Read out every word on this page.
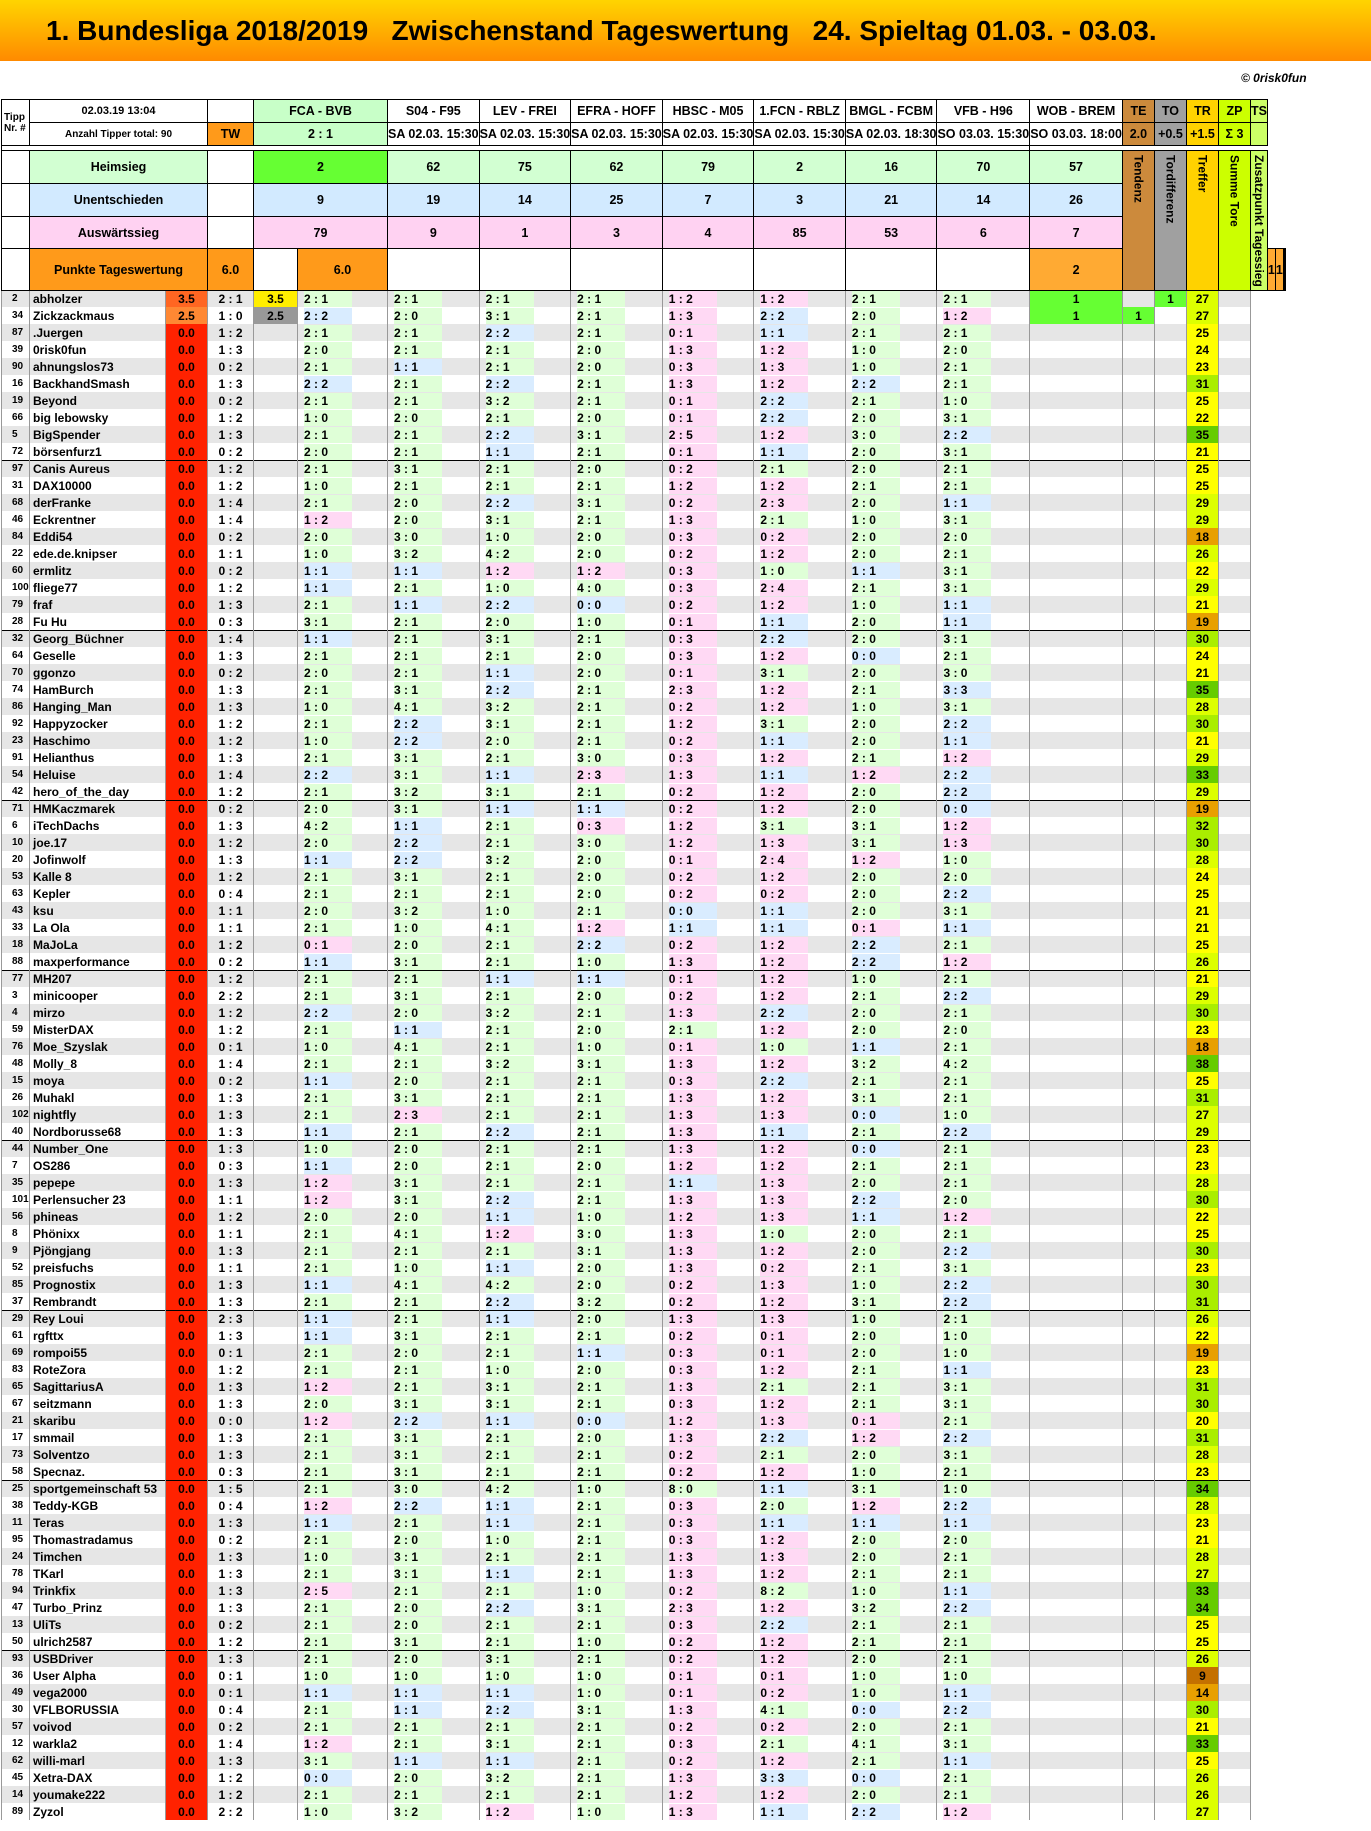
1. Bundesliga 2018/2019   Zwischenstand Tageswertung   24. Spieltag 01.03. - 03.03.
© 0risk0fun
Tipp Nr. #	02.03.19 13:04			FCA - BVB		S04 - F95	LEV - FREI	EFRA - HOFF	HBSC - M05	1.FCN - RBLZ	BMGL - FCBM	VFB - H96	WOB - BREM	TE	TO	TR	ZP	TS			
	Anzahl Tipper total: 90		TW	2 : 1		SA 02.03. 15:30	SA 02.03. 15:30	SA 02.03. 15:30	SA 02.03. 15:30	SA 02.03. 15:30	SA 02.03. 18:30	SO 03.03. 15:30	SO 03.03. 18:00	2.0	+0.5	+1.5	Σ 3				

	Heimsieg			2		62	75	62	79	2	16	70	57	Tendenz	Tordifferenz	Treffer	Summe Tore	Zusatzpunkt Tagessieg			
	Unentschieden			9		19	14	25	7	3	21	14	26								
	Auswärtssieg			79		9	1	3	4	85	53	6	7								
	Punkte Tageswertung		6.0		6.0								2						1	1		
2	abholzer	3.5	2 : 1	3.5	2 : 1	2 : 1	2 : 1	2 : 1	1 : 2	1 : 2	2 : 1	2 : 1	1		1	27					
34	Zickzackmaus	2.5	1 : 0	2.5	2 : 2	2 : 0	3 : 1	2 : 1	1 : 3	2 : 2	2 : 0	1 : 2	1	1		27					
87	.Juergen	0.0	1 : 2		2 : 1	2 : 1	2 : 2	2 : 1	0 : 1	1 : 1	2 : 1	2 : 1				25					
39	0risk0fun	0.0	1 : 3		2 : 0	2 : 1	2 : 1	2 : 0	1 : 3	1 : 2	1 : 0	2 : 0				24					
90	ahnungslos73	0.0	0 : 2		2 : 1	1 : 1	2 : 1	2 : 0	0 : 3	1 : 3	1 : 0	2 : 1				23					
16	BackhandSmash	0.0	1 : 3		2 : 2	2 : 1	2 : 2	2 : 1	1 : 3	1 : 2	2 : 2	2 : 1				31					
19	Beyond	0.0	0 : 2		2 : 1	2 : 1	3 : 2	2 : 1	0 : 1	2 : 2	2 : 1	1 : 0				25					
66	big lebowsky	0.0	1 : 2		1 : 0	2 : 0	2 : 1	2 : 0	0 : 1	2 : 2	2 : 0	3 : 1				22					
5	BigSpender	0.0	1 : 3		2 : 1	2 : 1	2 : 2	3 : 1	2 : 5	1 : 2	3 : 0	2 : 2				35					
72	börsenfurz1	0.0	0 : 2		2 : 0	2 : 1	1 : 1	2 : 1	0 : 1	1 : 1	2 : 0	3 : 1				21					
97	Canis Aureus	0.0	1 : 2		2 : 1	3 : 1	2 : 1	2 : 0	0 : 2	2 : 1	2 : 0	2 : 1				25					
31	DAX10000	0.0	1 : 2		1 : 0	2 : 1	2 : 1	2 : 1	1 : 2	1 : 2	2 : 1	2 : 1				25					
68	derFranke	0.0	1 : 4		2 : 1	2 : 0	2 : 2	3 : 1	0 : 2	2 : 3	2 : 0	1 : 1				29					
46	Eckrentner	0.0	1 : 4		1 : 2	2 : 0	3 : 1	2 : 1	1 : 3	2 : 1	1 : 0	3 : 1				29					
84	Eddi54	0.0	0 : 2		2 : 0	3 : 0	1 : 0	2 : 0	0 : 3	0 : 2	2 : 0	2 : 0				18					
22	ede.de.knipser	0.0	1 : 1		1 : 0	3 : 2	4 : 2	2 : 0	0 : 2	1 : 2	2 : 0	2 : 1				26					
60	ermlitz	0.0	0 : 2		1 : 1	1 : 1	1 : 2	1 : 2	0 : 3	1 : 0	1 : 1	3 : 1				22					
100	fliege77	0.0	1 : 2		1 : 1	2 : 1	1 : 0	4 : 0	0 : 3	2 : 4	2 : 1	3 : 1				29					
79	fraf	0.0	1 : 3		2 : 1	1 : 1	2 : 2	0 : 0	0 : 2	1 : 2	1 : 0	1 : 1				21					
28	Fu Hu	0.0	0 : 3		3 : 1	2 : 1	2 : 0	1 : 0	0 : 1	1 : 1	2 : 0	1 : 1				19					
32	Georg_Büchner	0.0	1 : 4		1 : 1	2 : 1	3 : 1	2 : 1	0 : 3	2 : 2	2 : 0	3 : 1				30					
64	Geselle	0.0	1 : 3		2 : 1	2 : 1	2 : 1	2 : 0	0 : 3	1 : 2	0 : 0	2 : 1				24					
70	ggonzo	0.0	0 : 2		2 : 0	2 : 1	1 : 1	2 : 0	0 : 1	3 : 1	2 : 0	3 : 0				21					
74	HamBurch	0.0	1 : 3		2 : 1	3 : 1	2 : 2	2 : 1	2 : 3	1 : 2	2 : 1	3 : 3				35					
86	Hanging_Man	0.0	1 : 3		1 : 0	4 : 1	3 : 2	2 : 1	0 : 2	1 : 2	1 : 0	3 : 1				28					
92	Happyzocker	0.0	1 : 2		2 : 1	2 : 2	3 : 1	2 : 1	1 : 2	3 : 1	2 : 0	2 : 2				30					
23	Haschimo	0.0	1 : 2		1 : 0	2 : 2	2 : 0	2 : 1	0 : 2	1 : 1	2 : 0	1 : 1				21					
91	Helianthus	0.0	1 : 3		2 : 1	3 : 1	2 : 1	3 : 0	0 : 3	1 : 2	2 : 1	1 : 2				29					
54	Heluise	0.0	1 : 4		2 : 2	3 : 1	1 : 1	2 : 3	1 : 3	1 : 1	1 : 2	2 : 2				33					
42	hero_of_the_day	0.0	1 : 2		2 : 1	3 : 2	3 : 1	2 : 1	0 : 2	1 : 2	2 : 0	2 : 2				29					
71	HMKaczmarek	0.0	0 : 2		2 : 0	3 : 1	1 : 1	1 : 1	0 : 2	1 : 2	2 : 0	0 : 0				19					
6	iTechDachs	0.0	1 : 3		4 : 2	1 : 1	2 : 1	0 : 3	1 : 2	3 : 1	3 : 1	1 : 2				32					
10	joe.17	0.0	1 : 2		2 : 0	2 : 2	2 : 1	3 : 0	1 : 2	1 : 3	3 : 1	1 : 3				30					
20	Jofinwolf	0.0	1 : 3		1 : 1	2 : 2	3 : 2	2 : 0	0 : 1	2 : 4	1 : 2	1 : 0				28					
53	Kalle 8	0.0	1 : 2		2 : 1	3 : 1	2 : 1	2 : 0	0 : 2	1 : 2	2 : 0	2 : 0				24					
63	Kepler	0.0	0 : 4		2 : 1	2 : 1	2 : 1	2 : 0	0 : 2	0 : 2	2 : 0	2 : 2				25					
43	ksu	0.0	1 : 1		2 : 0	3 : 2	1 : 0	2 : 1	0 : 0	1 : 1	2 : 0	3 : 1				21					
33	La Ola	0.0	1 : 1		2 : 1	1 : 0	4 : 1	1 : 2	1 : 1	1 : 1	0 : 1	1 : 1				21					
18	MaJoLa	0.0	1 : 2		0 : 1	2 : 0	2 : 1	2 : 2	0 : 2	1 : 2	2 : 2	2 : 1				25					
88	maxperformance	0.0	0 : 2		1 : 1	3 : 1	2 : 1	1 : 0	1 : 3	1 : 2	2 : 2	1 : 2				26					
77	MH207	0.0	1 : 2		2 : 1	2 : 1	1 : 1	1 : 1	0 : 1	1 : 2	1 : 0	2 : 1				21					
3	minicooper	0.0	2 : 2		2 : 1	3 : 1	2 : 1	2 : 0	0 : 2	1 : 2	2 : 1	2 : 2				29					
4	mirzo	0.0	1 : 2		2 : 2	2 : 0	3 : 2	2 : 1	1 : 3	2 : 2	2 : 0	2 : 1				30					
59	MisterDAX	0.0	1 : 2		2 : 1	1 : 1	2 : 1	2 : 0	2 : 1	1 : 2	2 : 0	2 : 0				23					
76	Moe_Szyslak	0.0	0 : 1		1 : 0	4 : 1	2 : 1	1 : 0	0 : 1	1 : 0	1 : 1	2 : 1				18					
48	Molly_8	0.0	1 : 4		2 : 1	2 : 1	3 : 2	3 : 1	1 : 3	1 : 2	3 : 2	4 : 2				38					
15	moya	0.0	0 : 2		1 : 1	2 : 0	2 : 1	2 : 1	0 : 3	2 : 2	2 : 1	2 : 1				25					
26	Muhakl	0.0	1 : 3		2 : 1	3 : 1	2 : 1	2 : 1	1 : 3	1 : 2	3 : 1	2 : 1				31					
102	nightfly	0.0	1 : 3		2 : 1	2 : 3	2 : 1	2 : 1	1 : 3	1 : 3	0 : 0	1 : 0				27					
40	Nordborusse68	0.0	1 : 3		1 : 1	2 : 1	2 : 2	2 : 1	1 : 3	1 : 1	2 : 1	2 : 2				29					
44	Number_One	0.0	1 : 3		1 : 0	2 : 0	2 : 1	2 : 1	1 : 3	1 : 2	0 : 0	2 : 1				23					
7	OS286	0.0	0 : 3		1 : 1	2 : 0	2 : 1	2 : 0	1 : 2	1 : 2	2 : 1	2 : 1				23					
35	pepepe	0.0	1 : 3		1 : 2	3 : 1	2 : 1	2 : 1	1 : 1	1 : 3	2 : 0	2 : 1				28					
101	Perlensucher 23	0.0	1 : 1		1 : 2	3 : 1	2 : 2	2 : 1	1 : 3	1 : 3	2 : 2	2 : 0				30					
56	phineas	0.0	1 : 2		2 : 0	2 : 0	1 : 1	1 : 0	1 : 2	1 : 3	1 : 1	1 : 2				22					
8	Phönixx	0.0	1 : 1		2 : 1	4 : 1	1 : 2	3 : 0	1 : 3	1 : 0	2 : 0	2 : 1				25					
9	Pjöngjang	0.0	1 : 3		2 : 1	2 : 1	2 : 1	3 : 1	1 : 3	1 : 2	2 : 0	2 : 2				30					
52	preisfuchs	0.0	1 : 1		2 : 1	1 : 0	1 : 1	2 : 0	1 : 3	0 : 2	2 : 1	3 : 1				23					
85	Prognostix	0.0	1 : 3		1 : 1	4 : 1	4 : 2	2 : 0	0 : 2	1 : 3	1 : 0	2 : 2				30					
37	Rembrandt	0.0	1 : 3		2 : 1	2 : 1	2 : 2	3 : 2	0 : 2	1 : 2	3 : 1	2 : 2				31					
29	Rey Loui	0.0	2 : 3		1 : 1	2 : 1	1 : 1	2 : 0	1 : 3	1 : 3	1 : 0	2 : 1				26					
61	rgfttx	0.0	1 : 3		1 : 1	3 : 1	2 : 1	2 : 1	0 : 2	0 : 1	2 : 0	1 : 0				22					
69	rompoi55	0.0	0 : 1		2 : 1	2 : 0	2 : 1	1 : 1	0 : 3	0 : 1	2 : 0	1 : 0				19					
83	RoteZora	0.0	1 : 2		2 : 1	2 : 1	1 : 0	2 : 0	0 : 3	1 : 2	2 : 1	1 : 1				23					
65	SagittariusA	0.0	1 : 3		1 : 2	2 : 1	3 : 1	2 : 1	1 : 3	2 : 1	2 : 1	3 : 1				31					
67	seitzmann	0.0	1 : 3		2 : 0	3 : 1	3 : 1	2 : 1	0 : 3	1 : 2	2 : 1	3 : 1				30					
21	skaribu	0.0	0 : 0		1 : 2	2 : 2	1 : 1	0 : 0	1 : 2	1 : 3	0 : 1	2 : 1				20					
17	smmail	0.0	1 : 3		2 : 1	3 : 1	2 : 1	2 : 0	1 : 3	2 : 2	1 : 2	2 : 2				31					
73	Solventzo	0.0	1 : 3		2 : 1	3 : 1	2 : 1	2 : 1	0 : 2	2 : 1	2 : 0	3 : 1				28					
58	Specnaz.	0.0	0 : 3		2 : 1	3 : 1	2 : 1	2 : 1	0 : 2	1 : 2	1 : 0	2 : 1				23					
25	sportgemeinschaft 53	0.0	1 : 5		2 : 1	3 : 0	4 : 2	1 : 0	8 : 0	1 : 1	3 : 1	1 : 0				34					
38	Teddy-KGB	0.0	0 : 4		1 : 2	2 : 2	1 : 1	2 : 1	0 : 3	2 : 0	1 : 2	2 : 2				28					
11	Teras	0.0	1 : 3		1 : 1	2 : 1	1 : 1	2 : 1	0 : 3	1 : 1	1 : 1	1 : 1				23					
95	Thomastradamus	0.0	0 : 2		2 : 1	2 : 0	1 : 0	2 : 1	0 : 3	1 : 2	2 : 0	2 : 0				21					
24	Timchen	0.0	1 : 3		1 : 0	3 : 1	2 : 1	2 : 1	1 : 3	1 : 3	2 : 0	2 : 1				28					
78	TKarl	0.0	1 : 3		2 : 1	3 : 1	1 : 1	2 : 1	1 : 3	1 : 2	2 : 1	2 : 1				27					
94	Trinkfix	0.0	1 : 3		2 : 5	2 : 1	2 : 1	1 : 0	0 : 2	8 : 2	1 : 0	1 : 1				33					
47	Turbo_Prinz	0.0	1 : 3		2 : 1	2 : 0	2 : 2	3 : 1	2 : 3	1 : 2	3 : 2	2 : 2				34					
13	UliTs	0.0	0 : 2		2 : 1	2 : 0	2 : 1	2 : 1	0 : 3	2 : 2	2 : 1	2 : 1				25					
50	ulrich2587	0.0	1 : 2		2 : 1	3 : 1	2 : 1	1 : 0	0 : 2	1 : 2	2 : 1	2 : 1				25					
93	USBDriver	0.0	1 : 3		2 : 1	2 : 0	3 : 1	2 : 1	0 : 2	1 : 2	2 : 0	2 : 1				26					
36	User Alpha	0.0	0 : 1		1 : 0	1 : 0	1 : 0	1 : 0	0 : 1	0 : 1	1 : 0	1 : 0				9					
49	vega2000	0.0	0 : 1		1 : 1	1 : 1	1 : 1	1 : 0	0 : 1	0 : 2	1 : 0	1 : 1				14					
30	VFLBORUSSIA	0.0	0 : 4		2 : 1	1 : 1	2 : 2	3 : 1	1 : 3	4 : 1	0 : 0	2 : 2				30					
57	voivod	0.0	0 : 2		2 : 1	2 : 1	2 : 1	2 : 1	0 : 2	0 : 2	2 : 0	2 : 1				21					
12	warkla2	0.0	1 : 4		1 : 2	2 : 1	3 : 1	2 : 1	0 : 3	2 : 1	4 : 1	3 : 1				33					
62	willi-marl	0.0	1 : 3		3 : 1	1 : 1	1 : 1	2 : 1	0 : 2	1 : 2	2 : 1	1 : 1				25					
45	Xetra-DAX	0.0	1 : 2		0 : 0	2 : 0	3 : 2	2 : 1	1 : 3	3 : 3	0 : 0	2 : 1				26					
14	youmake222	0.0	1 : 2		2 : 1	2 : 1	2 : 1	2 : 1	1 : 2	1 : 2	2 : 0	2 : 1				26					
89	Zyzol	0.0	2 : 2		1 : 0	3 : 2	1 : 2	1 : 0	1 : 3	1 : 1	2 : 2	1 : 2				27					
